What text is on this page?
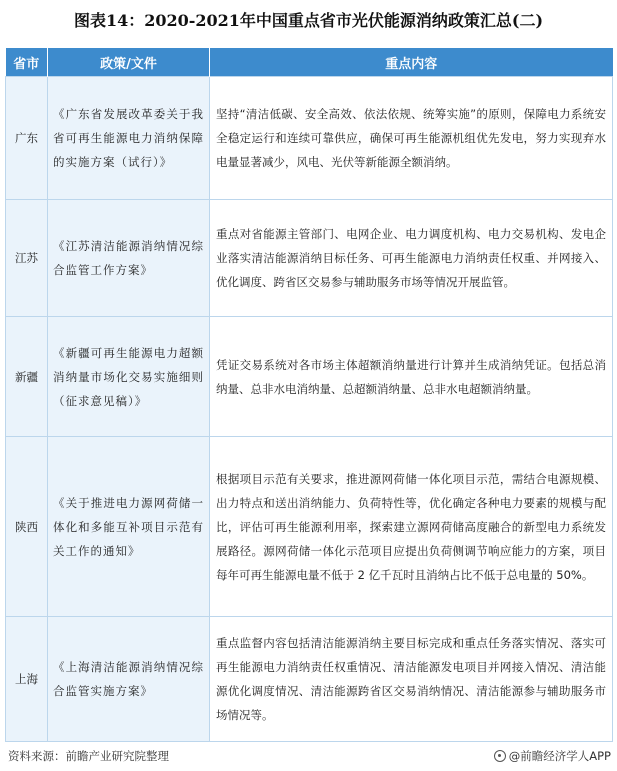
图表14：2020-2021年中国重点省市光伏能源消纳政策汇总(二)
省市	政策/文件	重点内容
广东	《广东省发展改革委关于我省可再生能源电力消纳保障的实施方案（试行）》	坚持“清洁低碳、安全高效、依法依规、统筹实施”的原则，保障电力系统安全稳定运行和连续可靠供应，确保可再生能源机组优先发电，努力实现弃水电量显著减少，风电、光伏等新能源全额消纳。
江苏	《江苏清洁能源消纳情况综合监管工作方案》	重点对省能源主管部门、电网企业、电力调度机构、电力交易机构、发电企业落实清洁能源消纳目标任务、可再生能源电力消纳责任权重、并网接入、优化调度、跨省区交易参与辅助服务市场等情况开展监管。
新疆	《新疆可再生能源电力超额消纳量市场化交易实施细则（征求意见稿）》	凭证交易系统对各市场主体超额消纳量进行计算并生成消纳凭证。包括总消纳量、总非水电消纳量、总超额消纳量、总非水电超额消纳量。
陕西	《关于推进电力源网荷储一体化和多能互补项目示范有关工作的通知》	根据项目示范有关要求，推进源网荷储一体化项目示范，需结合电源规模、出力特点和送出消纳能力、负荷特性等，优化确定各种电力要素的规模与配比，评估可再生能源利用率，探索建立源网荷储高度融合的新型电力系统发展路径。源网荷储一体化示范项目应提出负荷侧调节响应能力的方案，项目每年可再生能源电量不低于 2 亿千瓦时且消纳占比不低于总电量的 50%。
上海	《上海清洁能源消纳情况综合监管实施方案》	重点监督内容包括清洁能源消纳主要目标完成和重点任务落实情况、落实可再生能源电力消纳责任权重情况、清洁能源发电项目并网接入情况、清洁能源优化调度情况、清洁能源跨省区交易消纳情况、清洁能源参与辅助服务市场情况等。
资料来源：前瞻产业研究院整理	@前瞻经济学人APP
